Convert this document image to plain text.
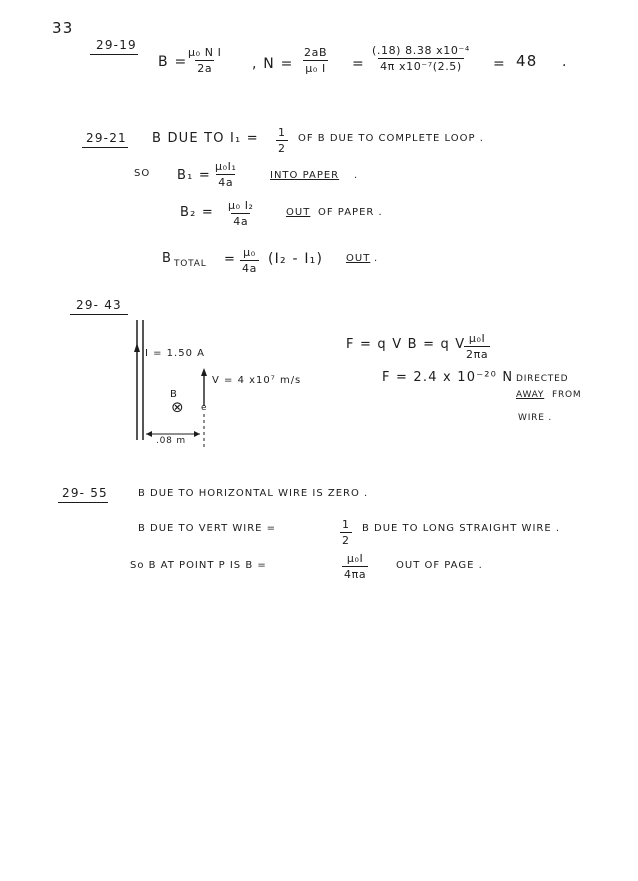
33
29-19
B =
$\frac{\text{μ₀ N I}}{2a}$ , $N = \frac{2aB}{\text{μ₀ I}} = \frac{\text{(.18) 8.38 x10⁻⁴}}{\text{4π x10⁻⁷(2.5)}} = 48$ .
29-21 B DUE TO $I_1 = \frac{1}{2}$ OF B DUE TO COMPLETE LOOP .
SO $B_1 = \frac{\text{μ₀I₁}}{4a}$	INTO PAPER .
$B_2 = \frac{\text{μ₀ I₂}}{4a}$	OUT OF PAPER .
B TOTAL = $\frac{\text{μ₀}}{4a} (I_2 - I_1)$ OUT .
29- 43
I = 1.50 A
V = 4 x10⁷ m/s
B
⊗ e
.08 m
F = q V B = q V
$\frac{\text{μ₀I}}{2\pi a}$
F = 2.4 x 10⁻²⁰ N DIRECTED
AWAY FROM
WIRE .
29- 55	B DUE TO HORIZONTAL WIRE IS ZERO .
B DUE TO VERT WIRE =	$\frac{1}{2}$ B DUE TO LONG STRAIGHT WIRE .
So B AT POINT P IS B =	$\frac{\text{μ₀I}}{4\pi a}$	OUT OF PAGE .
